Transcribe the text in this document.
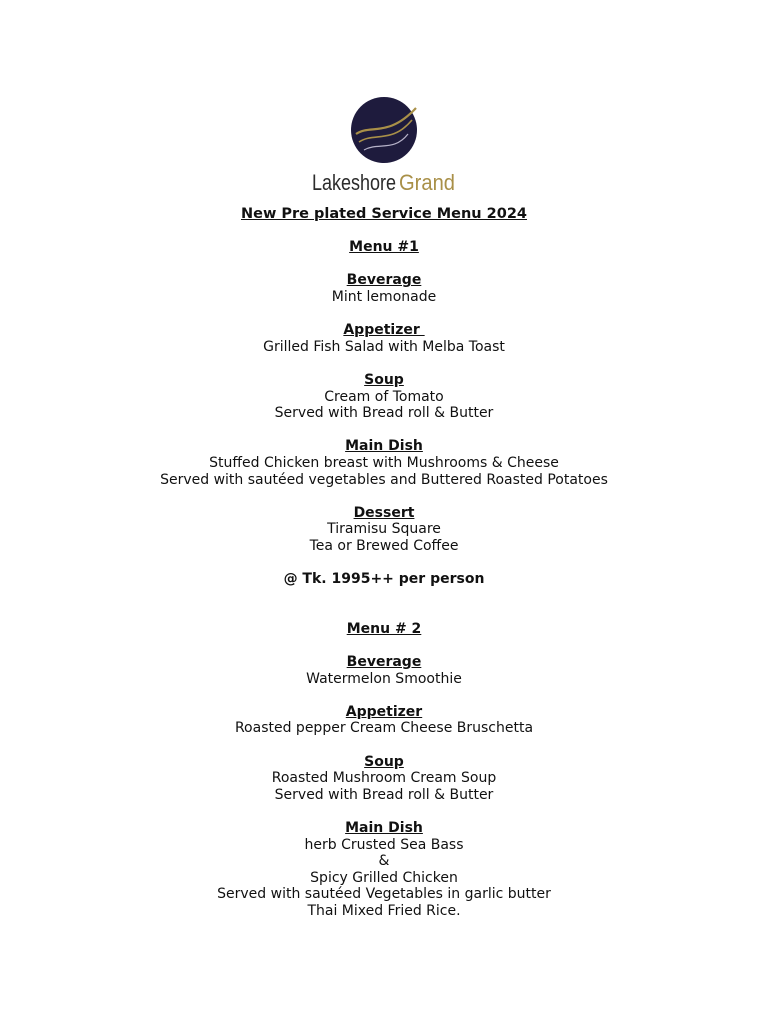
Lakeshore Grand
New Pre plated Service Menu 2024
Menu #1
Beverage
Mint lemonade
Appetizer
Grilled Fish Salad with Melba Toast
Soup
Cream of Tomato
Served with Bread roll & Butter
Main Dish
Stuffed Chicken breast with Mushrooms & Cheese
Served with sautéed vegetables and Buttered Roasted Potatoes
Dessert
Tiramisu Square
Tea or Brewed Coffee
@ Tk. 1995++ per person
Menu # 2
Beverage
Watermelon Smoothie
Appetizer
Roasted pepper Cream Cheese Bruschetta
Soup
Roasted Mushroom Cream Soup
Served with Bread roll & Butter
Main Dish
herb Crusted Sea Bass
&
Spicy Grilled Chicken
Served with sautéed Vegetables in garlic butter
Thai Mixed Fried Rice.
